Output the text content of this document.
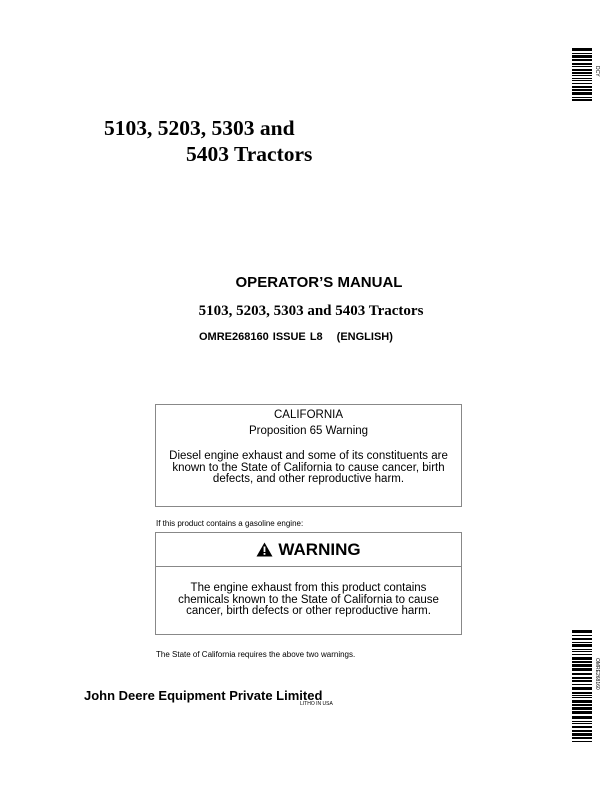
5103, 5203, 5303 and
5403 Tractors
OPERATOR’S MANUAL
5103, 5203, 5303 and 5403 Tractors
OMRE268160 ISSUE L8 (ENGLISH)
CALIFORNIA
Proposition 65 Warning
Diesel engine exhaust and some of its constituents are known to the State of California to cause cancer, birth defects, and other reproductive harm.
If this product contains a gasoline engine:
WARNING
The engine exhaust from this product contains chemicals known to the State of California to cause cancer, birth defects or other reproductive harm.
The State of California requires the above two warnings.
John Deere Equipment Private Limited
LITHO IN USA
DCY
OMRE268160
